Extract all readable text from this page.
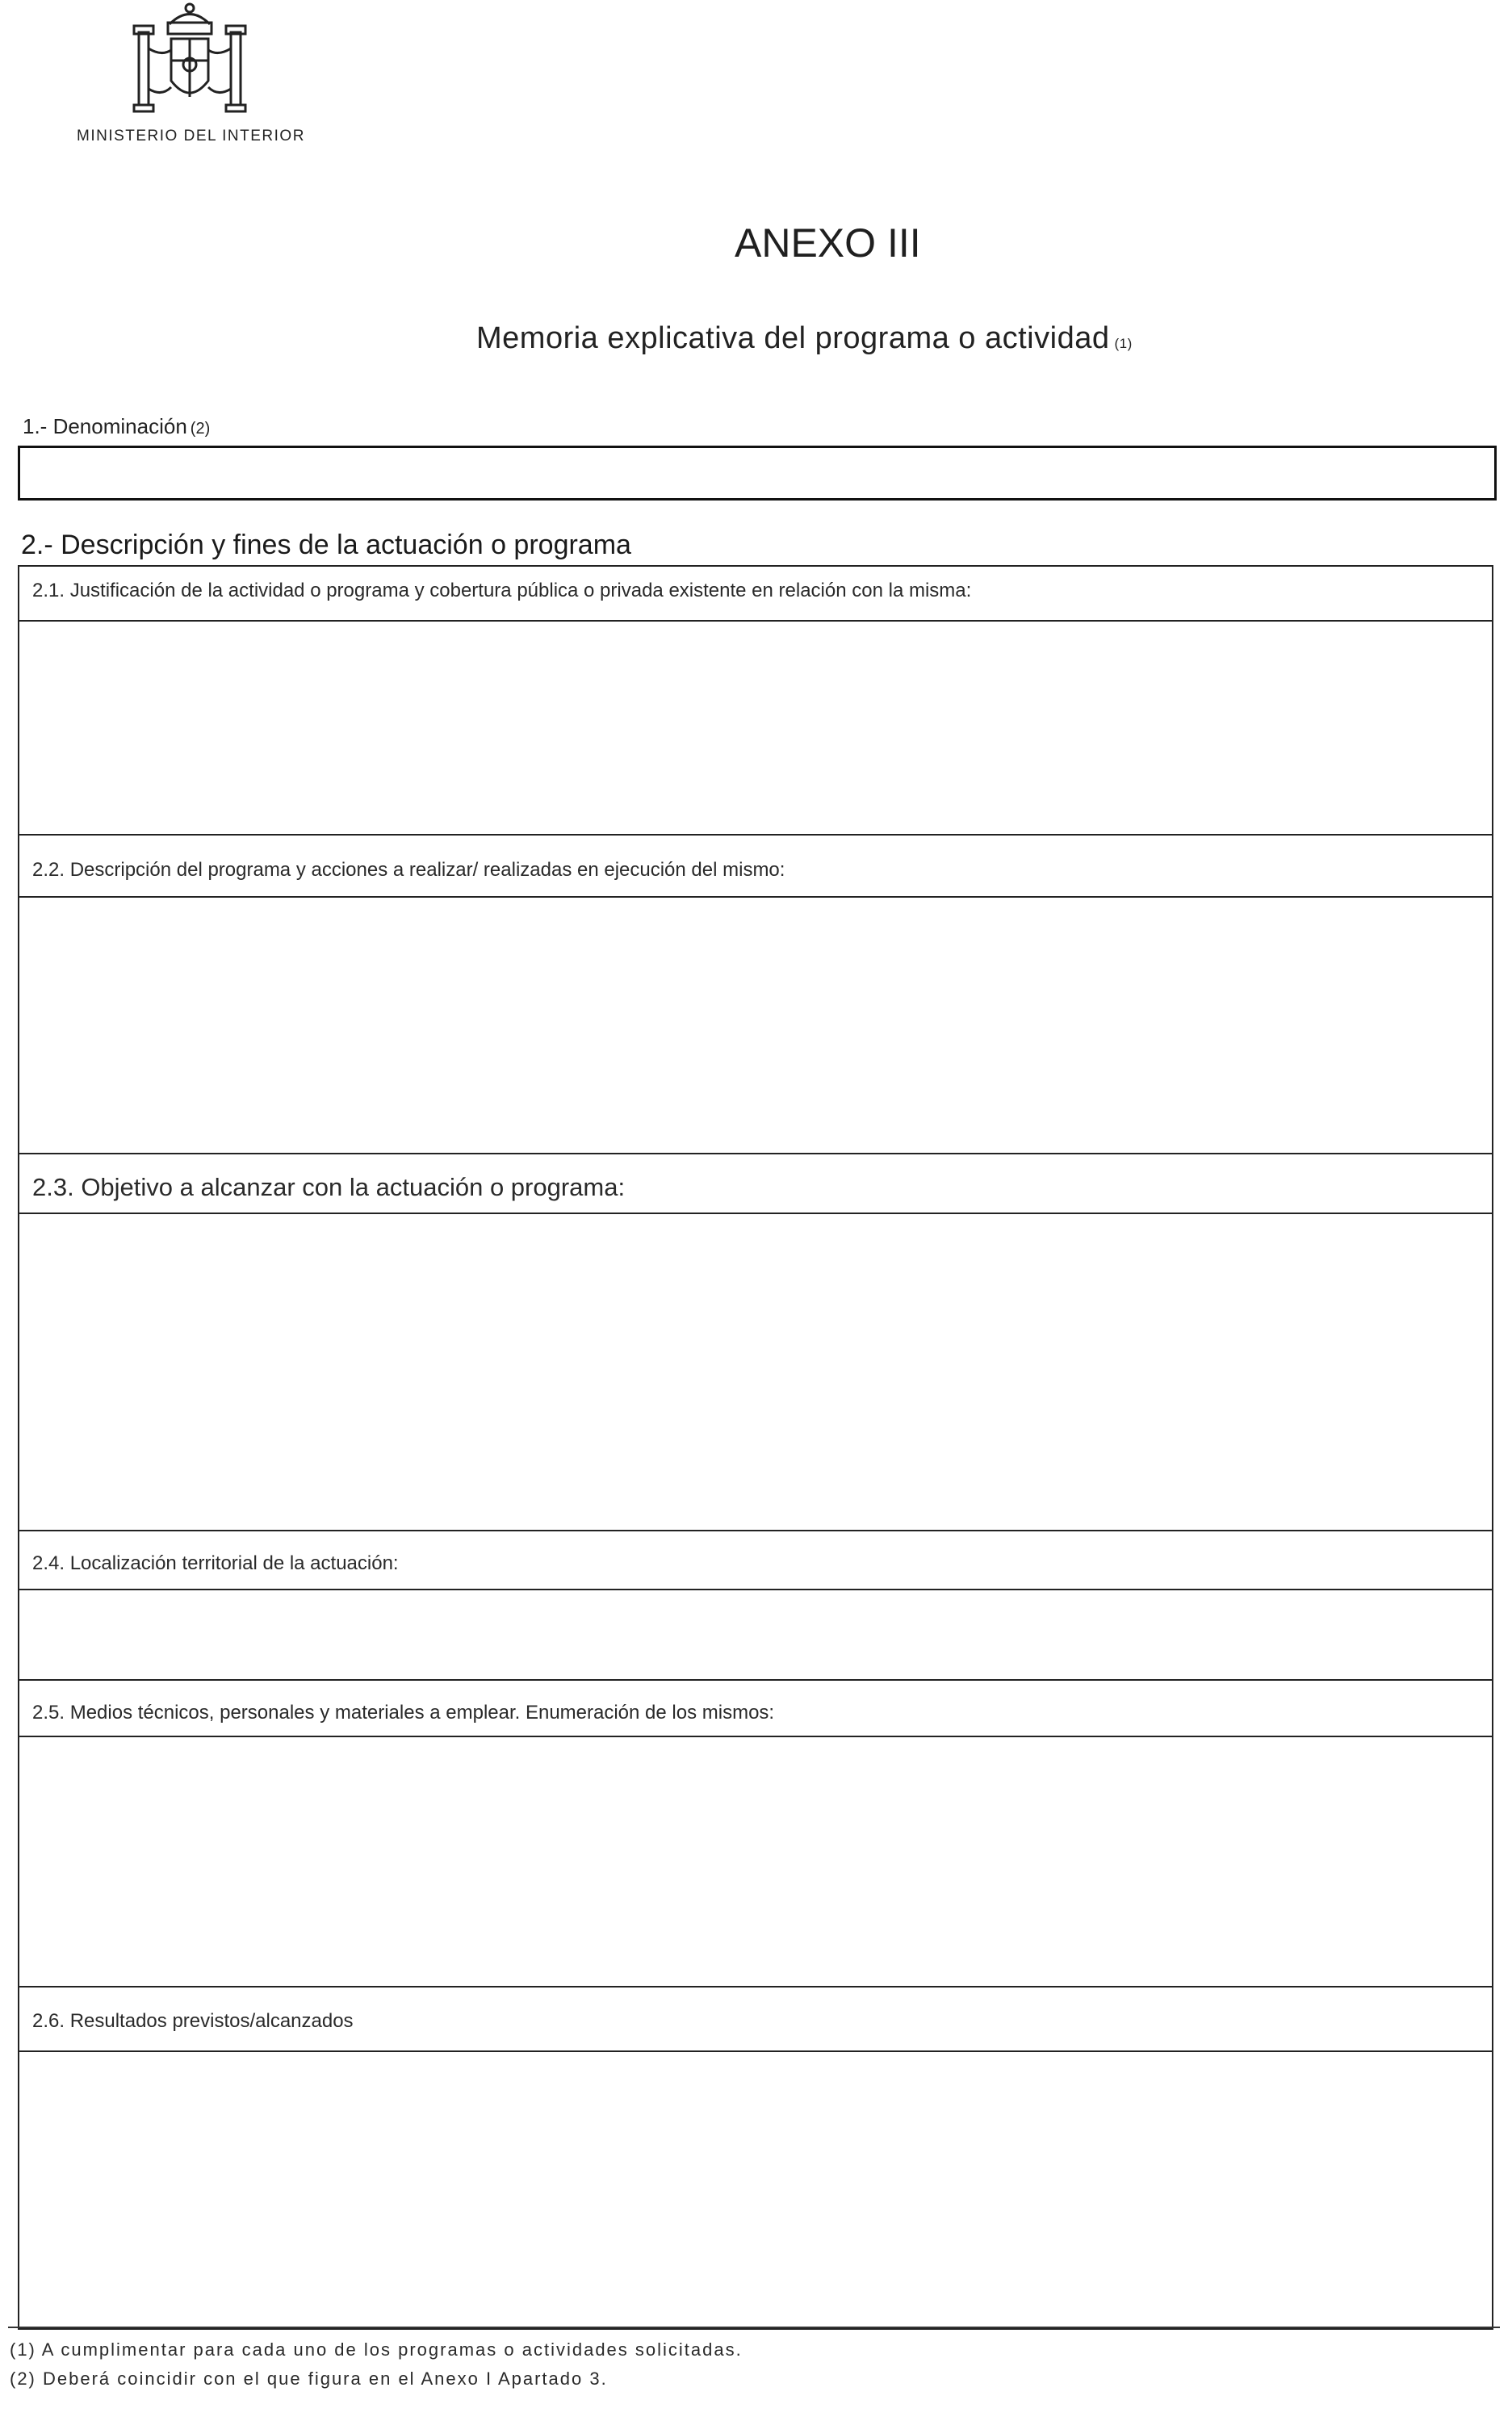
MINISTERIO DEL INTERIOR
ANEXO III
Memoria explicativa del programa o actividad (1)
1.- Denominación (2)
2.- Descripción y fines de la actuación o programa
2.1. Justificación de la actividad o programa y cobertura pública o privada existente en relación con la misma:
2.2. Descripción del programa y acciones a realizar/ realizadas en ejecución del mismo:
2.3. Objetivo a alcanzar con la actuación o programa:
2.4. Localización territorial de la actuación:
2.5. Medios técnicos, personales y materiales a emplear. Enumeración de los mismos:
2.6. Resultados previstos/alcanzados
(1) A cumplimentar para cada uno de los programas o actividades solicitadas.
(2) Deberá coincidir con el que figura en el Anexo I Apartado 3.
